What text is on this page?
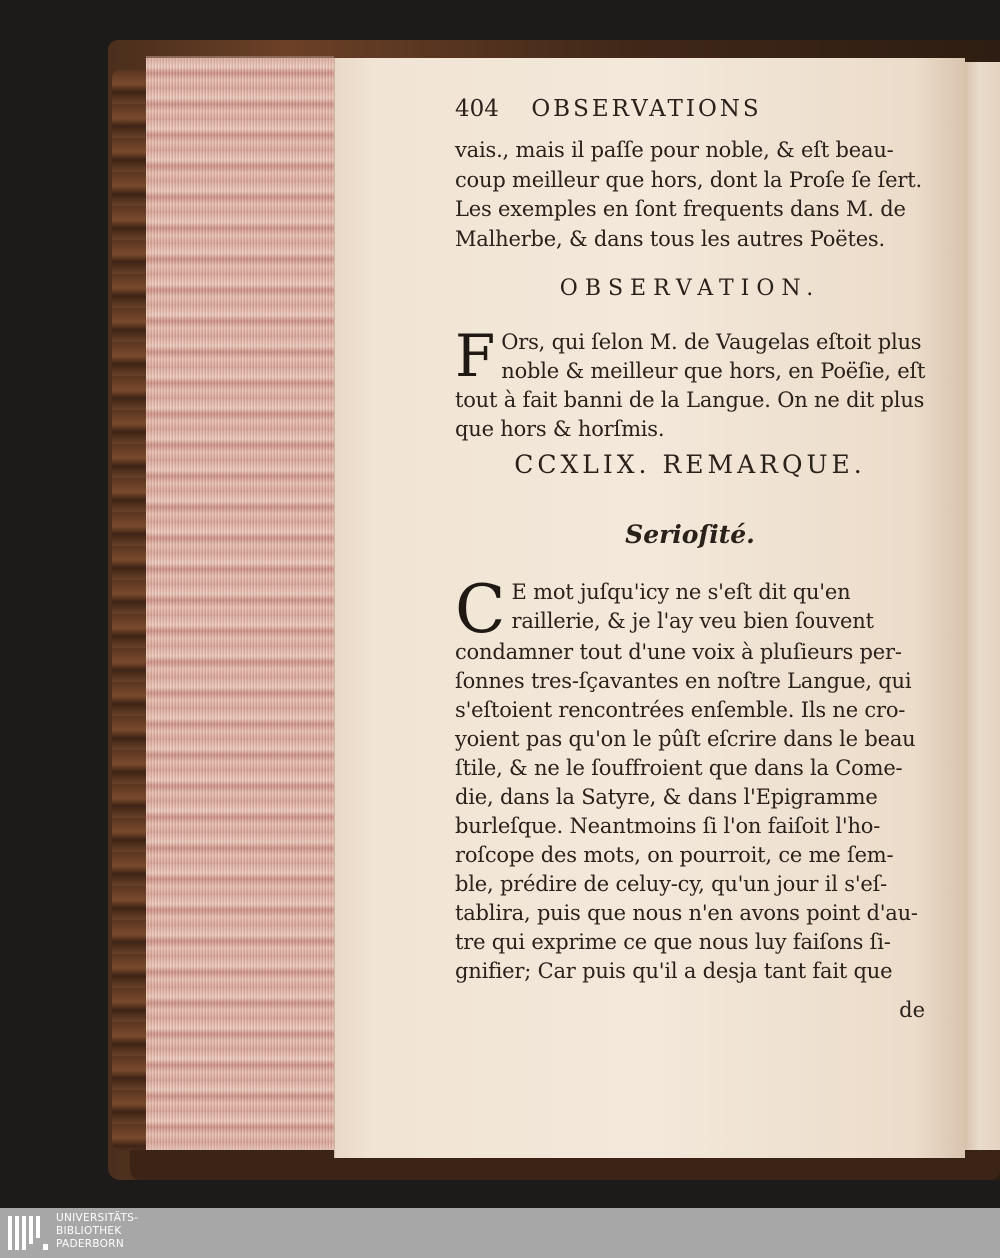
404 OBSERVATIONS
vais., mais il paſſe pour noble, & eſt beau-
coup meilleur que hors, dont la Proſe ſe ſert.
Les exemples en ſont frequents dans M. de
Malherbe, & dans tous les autres Poëtes.
OBSERVATION.
F Ors, qui ſelon M. de Vaugelas eſtoit plus
noble & meilleur que hors, en Poëſie, eſt
tout à fait banni de la Langue. On ne dit plus
que hors & horſmis.
CCXLIX. REMARQUE.
Serioſité.
C E mot juſqu'icy ne s'eſt dit qu'en
raillerie, & je l'ay veu bien ſouvent
condamner tout d'une voix à pluſieurs per-
ſonnes tres-ſçavantes en noſtre Langue, qui
s'eſtoient rencontrées enſemble. Ils ne cro-
yoient pas qu'on le pûſt eſcrire dans le beau
ſtile, & ne le ſouffroient que dans la Come-
die, dans la Satyre, & dans l'Epigramme
burleſque. Neantmoins ſi l'on faiſoit l'ho-
roſcope des mots, on pourroit, ce me ſem-
ble, prédire de celuy-cy, qu'un jour il s'eſ-
tablira, puis que nous n'en avons point d'au-
tre qui exprime ce que nous luy faiſons ſi-
gnifier; Car puis qu'il a desja tant fait que
de
UNIVERSITÄTS-
BIBLIOTHEK
PADERBORN
